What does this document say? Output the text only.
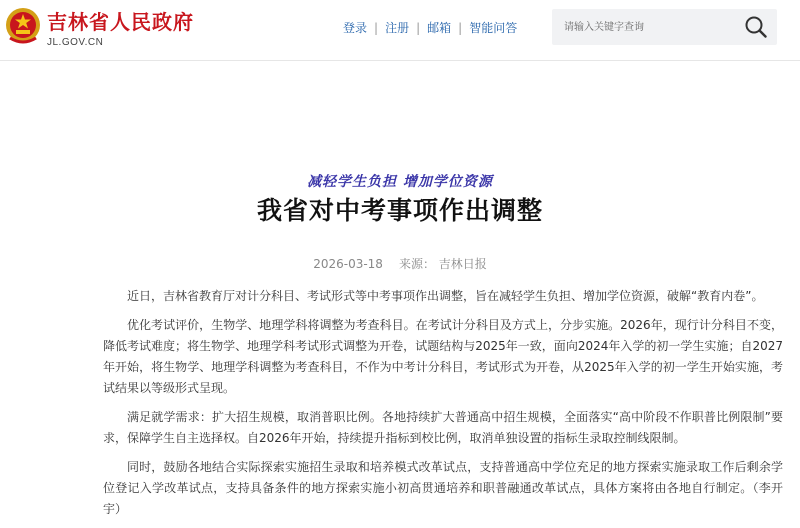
吉林省人民政府
JL.GOV.CN
登录 | 注册 | 邮箱 | 智能问答
请输入关键字查询
减轻学生负担 增加学位资源
我省对中考事项作出调整
2026-03-18 来源： 吉林日报

近日，吉林省教育厅对计分科目、考试形式等中考事项作出调整，旨在减轻学生负担、增加学位资源，破解“教育内卷”。

优化考试评价，生物学、地理学科将调整为考查科目。在考试计分科目及方式上，分步实施。2026年，现行计分科目不变，降低考试难度；将生物学、地理学科考试形式调整为开卷，试题结构与2025年一致，面向2024年入学的初一学生实施；自2027年开始，将生物学、地理学科调整为考查科目，不作为中考计分科目，考试形式为开卷，从2025年入学的初一学生开始实施，考试结果以等级形式呈现。

满足就学需求：扩大招生规模，取消普职比例。各地持续扩大普通高中招生规模，全面落实“高中阶段不作职普比例限制”要求，保障学生自主选择权。自2026年开始，持续提升指标到校比例，取消单独设置的指标生录取控制线限制。

同时，鼓励各地结合实际探索实施招生录取和培养模式改革试点，支持普通高中学位充足的地方探索实施录取工作后剩余学位登记入学改革试点，支持具备条件的地方探索实施小初高贯通培养和职普融通改革试点，具体方案将由各地自行制定。（李开宇）
